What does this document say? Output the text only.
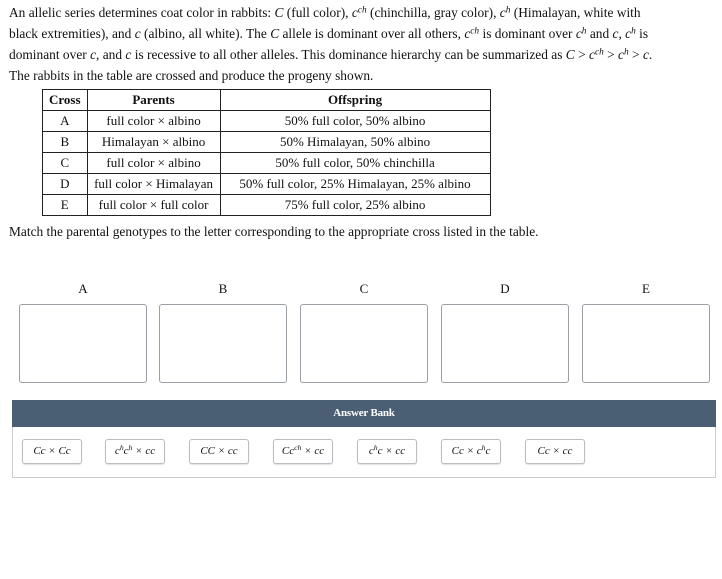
An allelic series determines coat color in rabbits: C (full color), $c^{ch}$ (chinchilla, gray color), $c^h$ (Himalayan, white with

black extremities), and c (albino, all white). The C allele is dominant over all others, $c^{ch}$ is dominant over $c^h$ and c, $c^h$ is

dominant over c, and c is recessive to all other alleles. This dominance hierarchy can be summarized as $C > c^{ch} > c^h > c$.

The rabbits in the table are crossed and produce the progeny shown.

Cross	Parents	Offspring
A	full color × albino	50% full color, 50% albino
B	Himalayan × albino	50% Himalayan, 50% albino
C	full color × albino	50% full color, 50% chinchilla
D	full color × Himalayan	50% full color, 25% Himalayan, 25% albino
E	full color × full color	75% full color, 25% albino
Match the parental genotypes to the letter corresponding to the appropriate cross listed in the table.
A	B	C	D	E
Answer Bank
Cc × Cc	$c^hc^h$ × cc	CC × cc	$Cc^{ch}$ × cc	$c^hc$ × cc	$Cc \times c^hc$	Cc × cc
